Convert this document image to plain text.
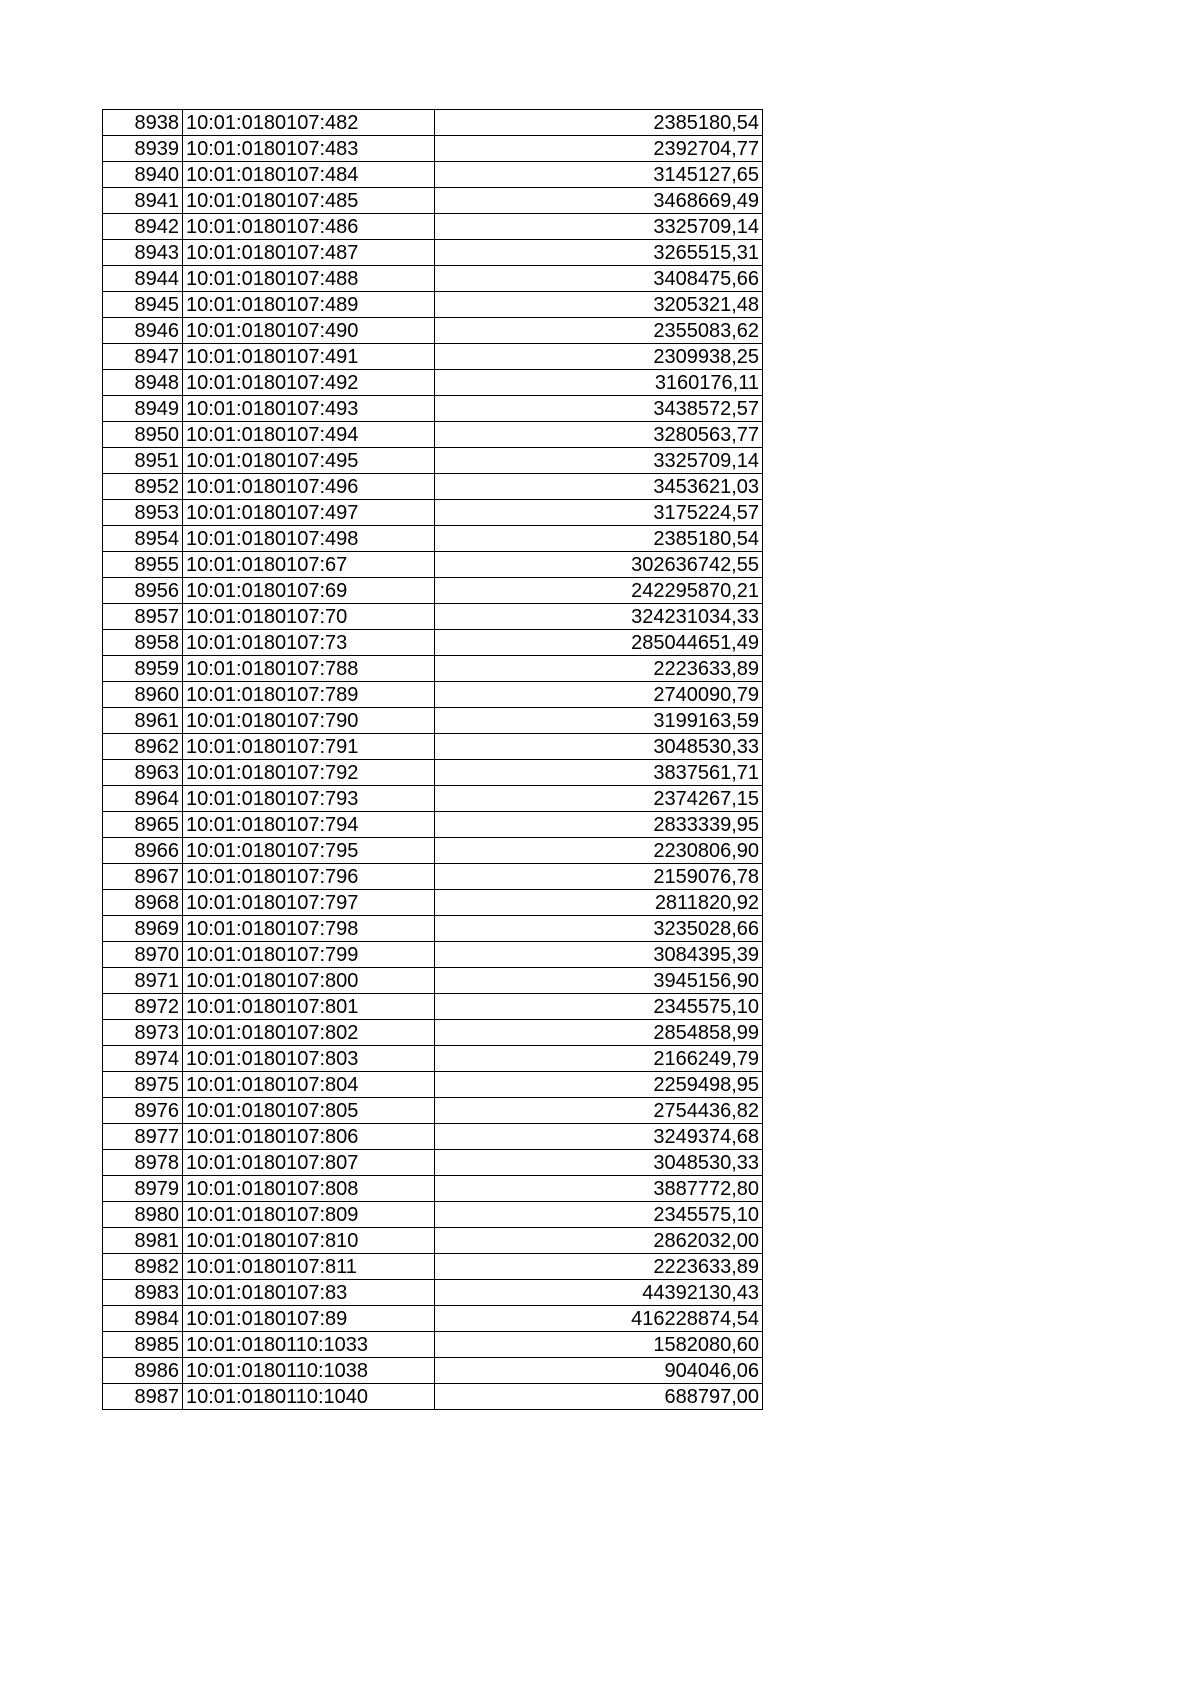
8938	10:01:0180107:482	2385180,54
8939	10:01:0180107:483	2392704,77
8940	10:01:0180107:484	3145127,65
8941	10:01:0180107:485	3468669,49
8942	10:01:0180107:486	3325709,14
8943	10:01:0180107:487	3265515,31
8944	10:01:0180107:488	3408475,66
8945	10:01:0180107:489	3205321,48
8946	10:01:0180107:490	2355083,62
8947	10:01:0180107:491	2309938,25
8948	10:01:0180107:492	3160176,11
8949	10:01:0180107:493	3438572,57
8950	10:01:0180107:494	3280563,77
8951	10:01:0180107:495	3325709,14
8952	10:01:0180107:496	3453621,03
8953	10:01:0180107:497	3175224,57
8954	10:01:0180107:498	2385180,54
8955	10:01:0180107:67	302636742,55
8956	10:01:0180107:69	242295870,21
8957	10:01:0180107:70	324231034,33
8958	10:01:0180107:73	285044651,49
8959	10:01:0180107:788	2223633,89
8960	10:01:0180107:789	2740090,79
8961	10:01:0180107:790	3199163,59
8962	10:01:0180107:791	3048530,33
8963	10:01:0180107:792	3837561,71
8964	10:01:0180107:793	2374267,15
8965	10:01:0180107:794	2833339,95
8966	10:01:0180107:795	2230806,90
8967	10:01:0180107:796	2159076,78
8968	10:01:0180107:797	2811820,92
8969	10:01:0180107:798	3235028,66
8970	10:01:0180107:799	3084395,39
8971	10:01:0180107:800	3945156,90
8972	10:01:0180107:801	2345575,10
8973	10:01:0180107:802	2854858,99
8974	10:01:0180107:803	2166249,79
8975	10:01:0180107:804	2259498,95
8976	10:01:0180107:805	2754436,82
8977	10:01:0180107:806	3249374,68
8978	10:01:0180107:807	3048530,33
8979	10:01:0180107:808	3887772,80
8980	10:01:0180107:809	2345575,10
8981	10:01:0180107:810	2862032,00
8982	10:01:0180107:811	2223633,89
8983	10:01:0180107:83	44392130,43
8984	10:01:0180107:89	416228874,54
8985	10:01:0180110:1033	1582080,60
8986	10:01:0180110:1038	904046,06
8987	10:01:0180110:1040	688797,00
